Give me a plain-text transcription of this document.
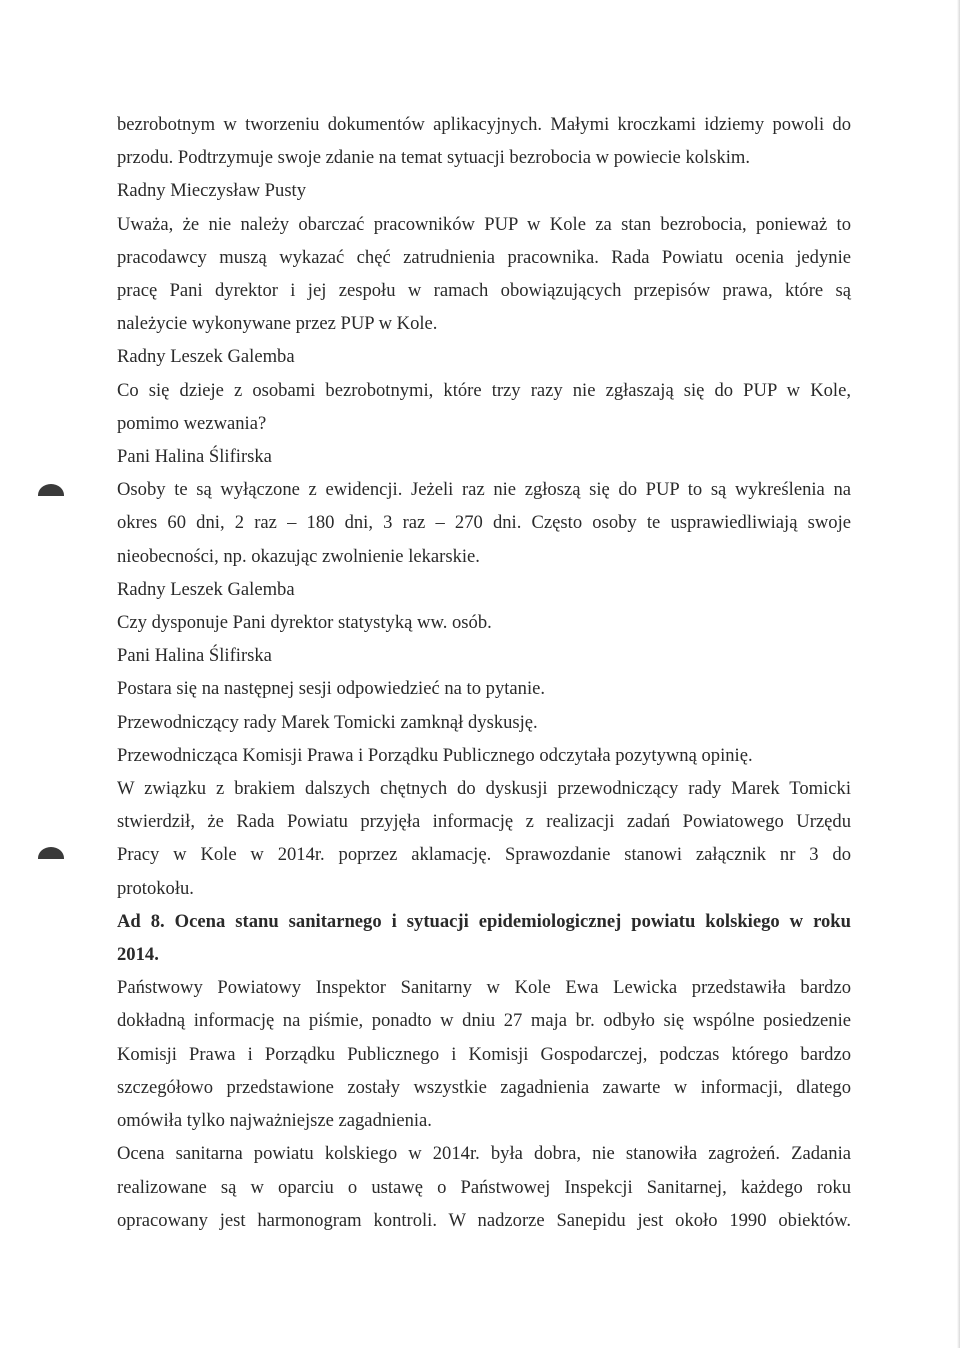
bezrobotnym w tworzeniu dokumentów aplikacyjnych. Małymi kroczkami idziemy powoli do
przodu. Podtrzymuje swoje zdanie na temat sytuacji bezrobocia w powiecie kolskim.
Radny Mieczysław Pusty
Uważa, że nie należy obarczać pracowników PUP w Kole za stan bezrobocia, ponieważ to
pracodawcy muszą wykazać chęć zatrudnienia pracownika. Rada Powiatu ocenia jedynie
pracę Pani dyrektor i jej zespołu w ramach obowiązujących przepisów prawa, które są
należycie wykonywane przez PUP w Kole.
Radny Leszek Galemba
Co się dzieje z osobami bezrobotnymi, które trzy razy nie zgłaszają się do PUP w Kole,
pomimo wezwania?
Pani Halina Ślifirska
Osoby te są wyłączone z ewidencji. Jeżeli raz nie zgłoszą się do PUP to są wykreślenia na
okres 60 dni, 2 raz – 180 dni, 3 raz – 270 dni. Często osoby te usprawiedliwiają swoje
nieobecności, np. okazując zwolnienie lekarskie.
Radny Leszek Galemba
Czy dysponuje Pani dyrektor statystyką ww. osób.
Pani Halina Ślifirska
Postara się na następnej sesji odpowiedzieć na to pytanie.
Przewodniczący rady Marek Tomicki zamknął dyskusję.
Przewodnicząca Komisji Prawa i Porządku Publicznego odczytała pozytywną opinię.
W związku z brakiem dalszych chętnych do dyskusji przewodniczący rady Marek Tomicki
stwierdził, że Rada Powiatu przyjęła informację z realizacji zadań Powiatowego Urzędu
Pracy w Kole w 2014r. poprzez aklamację. Sprawozdanie stanowi załącznik nr 3 do
protokołu.
Ad 8. Ocena stanu sanitarnego i sytuacji epidemiologicznej powiatu kolskiego w roku
2014.
Państwowy Powiatowy Inspektor Sanitarny w Kole Ewa Lewicka przedstawiła bardzo
dokładną informację na piśmie, ponadto w dniu 27 maja br. odbyło się wspólne posiedzenie
Komisji Prawa i Porządku Publicznego i Komisji Gospodarczej, podczas którego bardzo
szczegółowo przedstawione zostały wszystkie zagadnienia zawarte w informacji, dlatego
omówiła tylko najważniejsze zagadnienia.
Ocena sanitarna powiatu kolskiego w 2014r. była dobra, nie stanowiła zagrożeń. Zadania
realizowane są w oparciu o ustawę o Państwowej Inspekcji Sanitarnej, każdego roku
opracowany jest harmonogram kontroli. W nadzorze Sanepidu jest około 1990 obiektów.
